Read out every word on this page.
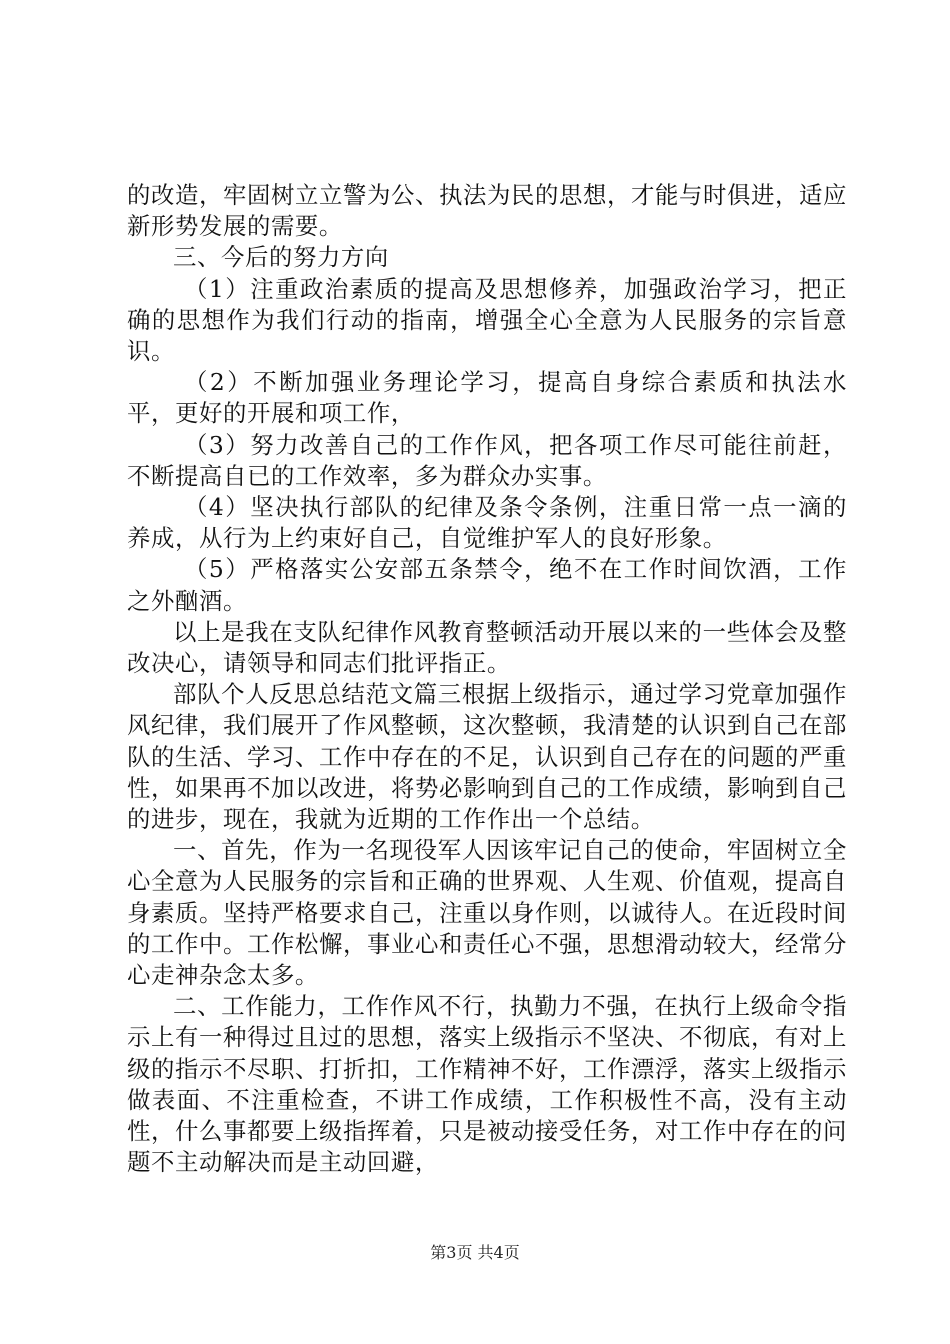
的改造，牢固树立立警为公、执法为民的思想，才能与时俱进，适应新形势发展的需要。

三、今后的努力方向

（1）注重政治素质的提高及思想修养，加强政治学习，把正确的思想作为我们行动的指南，增强全心全意为人民服务的宗旨意识。

（2）不断加强业务理论学习，提高自身综合素质和执法水平，更好的开展和项工作，

（3）努力改善自己的工作作风，把各项工作尽可能往前赶，不断提高自已的工作效率，多为群众办实事。

（4）坚决执行部队的纪律及条令条例，注重日常一点一滴的养成，从行为上约束好自己，自觉维护军人的良好形象。

（5）严格落实公安部五条禁令，绝不在工作时间饮酒，工作之外酗酒。

以上是我在支队纪律作风教育整顿活动开展以来的一些体会及整改决心，请领导和同志们批评指正。

部队个人反思总结范文篇三根据上级指示，通过学习党章加强作风纪律，我们展开了作风整顿，这次整顿，我清楚的认识到自己在部队的生活、学习、工作中存在的不足，认识到自己存在的问题的严重性，如果再不加以改进，将势必影响到自己的工作成绩，影响到自己的进步，现在，我就为近期的工作作出一个总结。

一、首先，作为一名现役军人因该牢记自己的使命，牢固树立全心全意为人民服务的宗旨和正确的世界观、人生观、价值观，提高自身素质。坚持严格要求自己，注重以身作则，以诚待人。在近段时间的工作中。工作松懈，事业心和责任心不强，思想滑动较大，经常分心走神杂念太多。

二、工作能力，工作作风不行，执勤力不强，在执行上级命令指示上有一种得过且过的思想，落实上级指示不坚决、不彻底，有对上级的指示不尽职、打折扣，工作精神不好，工作漂浮，落实上级指示做表面、不注重检查，不讲工作成绩，工作积极性不高，没有主动性，什么事都要上级指挥着，只是被动接受任务，对工作中存在的问题不主动解决而是主动回避，

第3页 共4页
